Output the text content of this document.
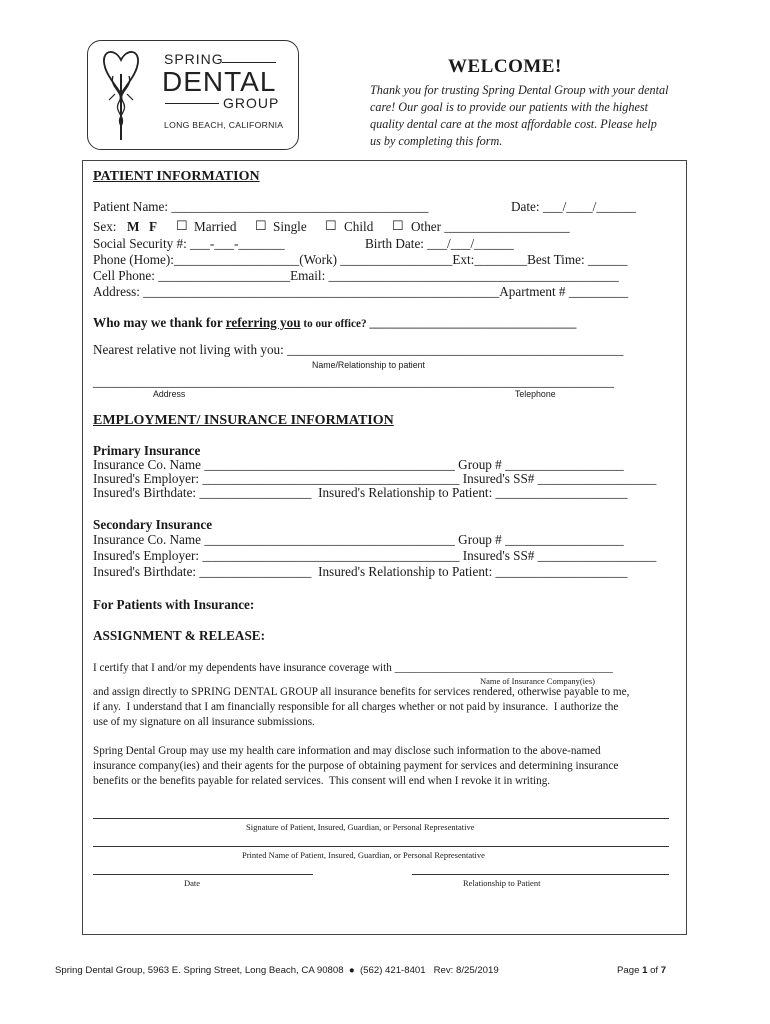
SPRING
DENTAL
GROUP
LONG BEACH, CALIFORNIA
WELCOME!
Thank you for trusting Spring Dental Group with your dental care! Our goal is to provide our patients with the highest quality dental care at the most affordable cost. Please help us by completing this form.
PATIENT INFORMATION
Patient Name: _______________________________________	Date: ___/____/______
Sex: M F ☐ Married ☐ Single ☐ Child ☐ Other ___________________
Social Security #: ___-___-_______	Birth Date: ___/___/______
Phone (Home):___________________(Work) _________________Ext:________Best Time: ______
Cell Phone: ____________________Email: ____________________________________________
Address: ______________________________________________________Apartment # _________
Who may we thank for referring you to our office? _____________________________________
Nearest relative not living with you: ___________________________________________________
Name/Relationship to patient
_______________________________________________________________________________
Address	Telephone
EMPLOYMENT/ INSURANCE INFORMATION
Primary Insurance
Insurance Co. Name ______________________________________ Group # __________________
Insured's Employer: _______________________________________ Insured's SS# __________________
Insured's Birthdate: _________________  Insured's Relationship to Patient: ____________________
Secondary Insurance
Insurance Co. Name ______________________________________ Group # __________________
Insured's Employer: _______________________________________ Insured's SS# __________________
Insured's Birthdate: _________________  Insured's Relationship to Patient: ____________________
For Patients with Insurance:
ASSIGNMENT & RELEASE:
I certify that I and/or my dependents have insurance coverage with _______________________________________
Name of Insurance Company(ies)
and assign directly to SPRING DENTAL GROUP all insurance benefits for services rendered, otherwise payable to me,
if any.  I understand that I am financially responsible for all charges whether or not paid by insurance.  I authorize the
use of my signature on all insurance submissions.
Spring Dental Group may use my health care information and may disclose such information to the above-named
insurance company(ies) and their agents for the purpose of obtaining payment for services and determining insurance
benefits or the benefits payable for related services.  This consent will end when I revoke it in writing.
Signature of Patient, Insured, Guardian, or Personal Representative
Printed Name of Patient, Insured, Guardian, or Personal Representative
Date	Relationship to Patient
Spring Dental Group, 5963 E. Spring Street, Long Beach, CA 90808  ●  (562) 421-8401   Rev: 8/25/2019	Page 1 of 7
